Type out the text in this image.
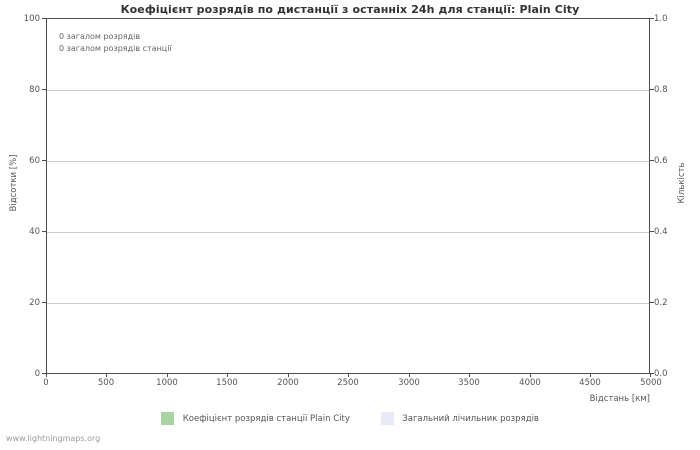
Коефіцієнт розрядів по дистанції з останніх 24h для станції: Plain City
0 загалом розрядів
0 загалом розрядів станції
100
80
60
40
20
0
1.0
0.8
0.6
0.4
0.2
0.0
0	500	1000	1500	2000	2500	3000	3500	4000	4500	5000
Відсотки [%]	Кількість
Відстань [км]
Коефіцієнт розрядів станції Plain City	Загальний лічильник розрядів
www.lightningmaps.org
